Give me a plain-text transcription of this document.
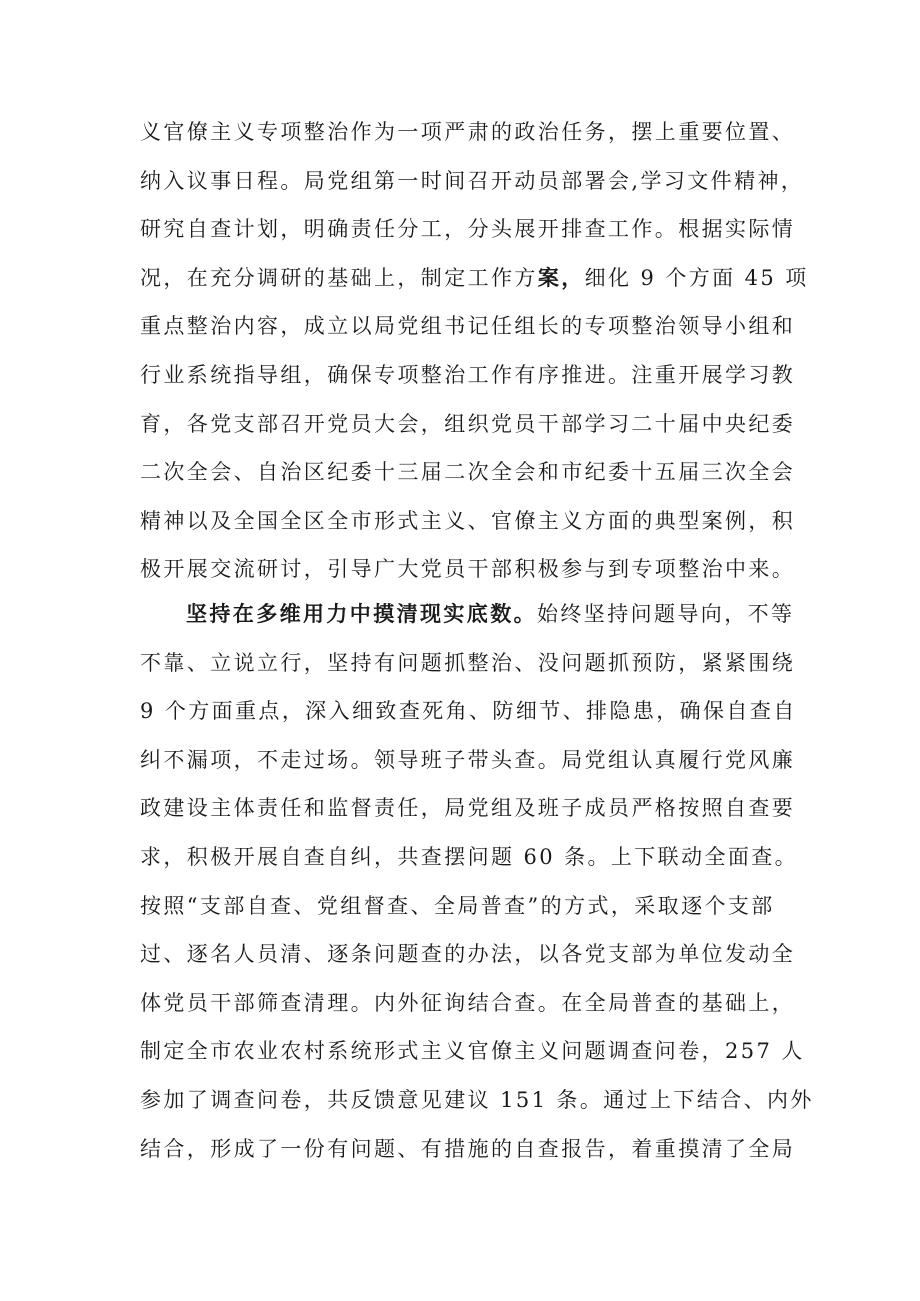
义官僚主义专项整治作为一项严肃的政治任务，摆上重要位置、
纳入议事日程。局党组第一时间召开动员部署会,学习文件精神，
研究自查计划，明确责任分工，分头展开排查工作。根据实际情
况，在充分调研的基础上，制定工作方案，细化 9 个方面 45 项
重点整治内容，成立以局党组书记任组长的专项整治领导小组和
行业系统指导组，确保专项整治工作有序推进。注重开展学习教
育，各党支部召开党员大会，组织党员干部学习二十届中央纪委
二次全会、自治区纪委十三届二次全会和市纪委十五届三次全会
精神以及全国全区全市形式主义、官僚主义方面的典型案例，积
极开展交流研讨，引导广大党员干部积极参与到专项整治中来。
坚持在多维用力中摸清现实底数。始终坚持问题导向，不等
不靠、立说立行，坚持有问题抓整治、没问题抓预防，紧紧围绕
9 个方面重点，深入细致查死角、防细节、排隐患，确保自查自
纠不漏项，不走过场。领导班子带头查。局党组认真履行党风廉
政建设主体责任和监督责任，局党组及班子成员严格按照自查要
求，积极开展自查自纠，共查摆问题 60 条。上下联动全面查。
按照“支部自查、党组督查、全局普查”的方式，采取逐个支部
过、逐名人员清、逐条问题查的办法，以各党支部为单位发动全
体党员干部筛查清理。内外征询结合查。在全局普查的基础上，
制定全市农业农村系统形式主义官僚主义问题调查问卷，257 人
参加了调查问卷，共反馈意见建议 151 条。通过上下结合、内外
结合，形成了一份有问题、有措施的自查报告，着重摸清了全局
